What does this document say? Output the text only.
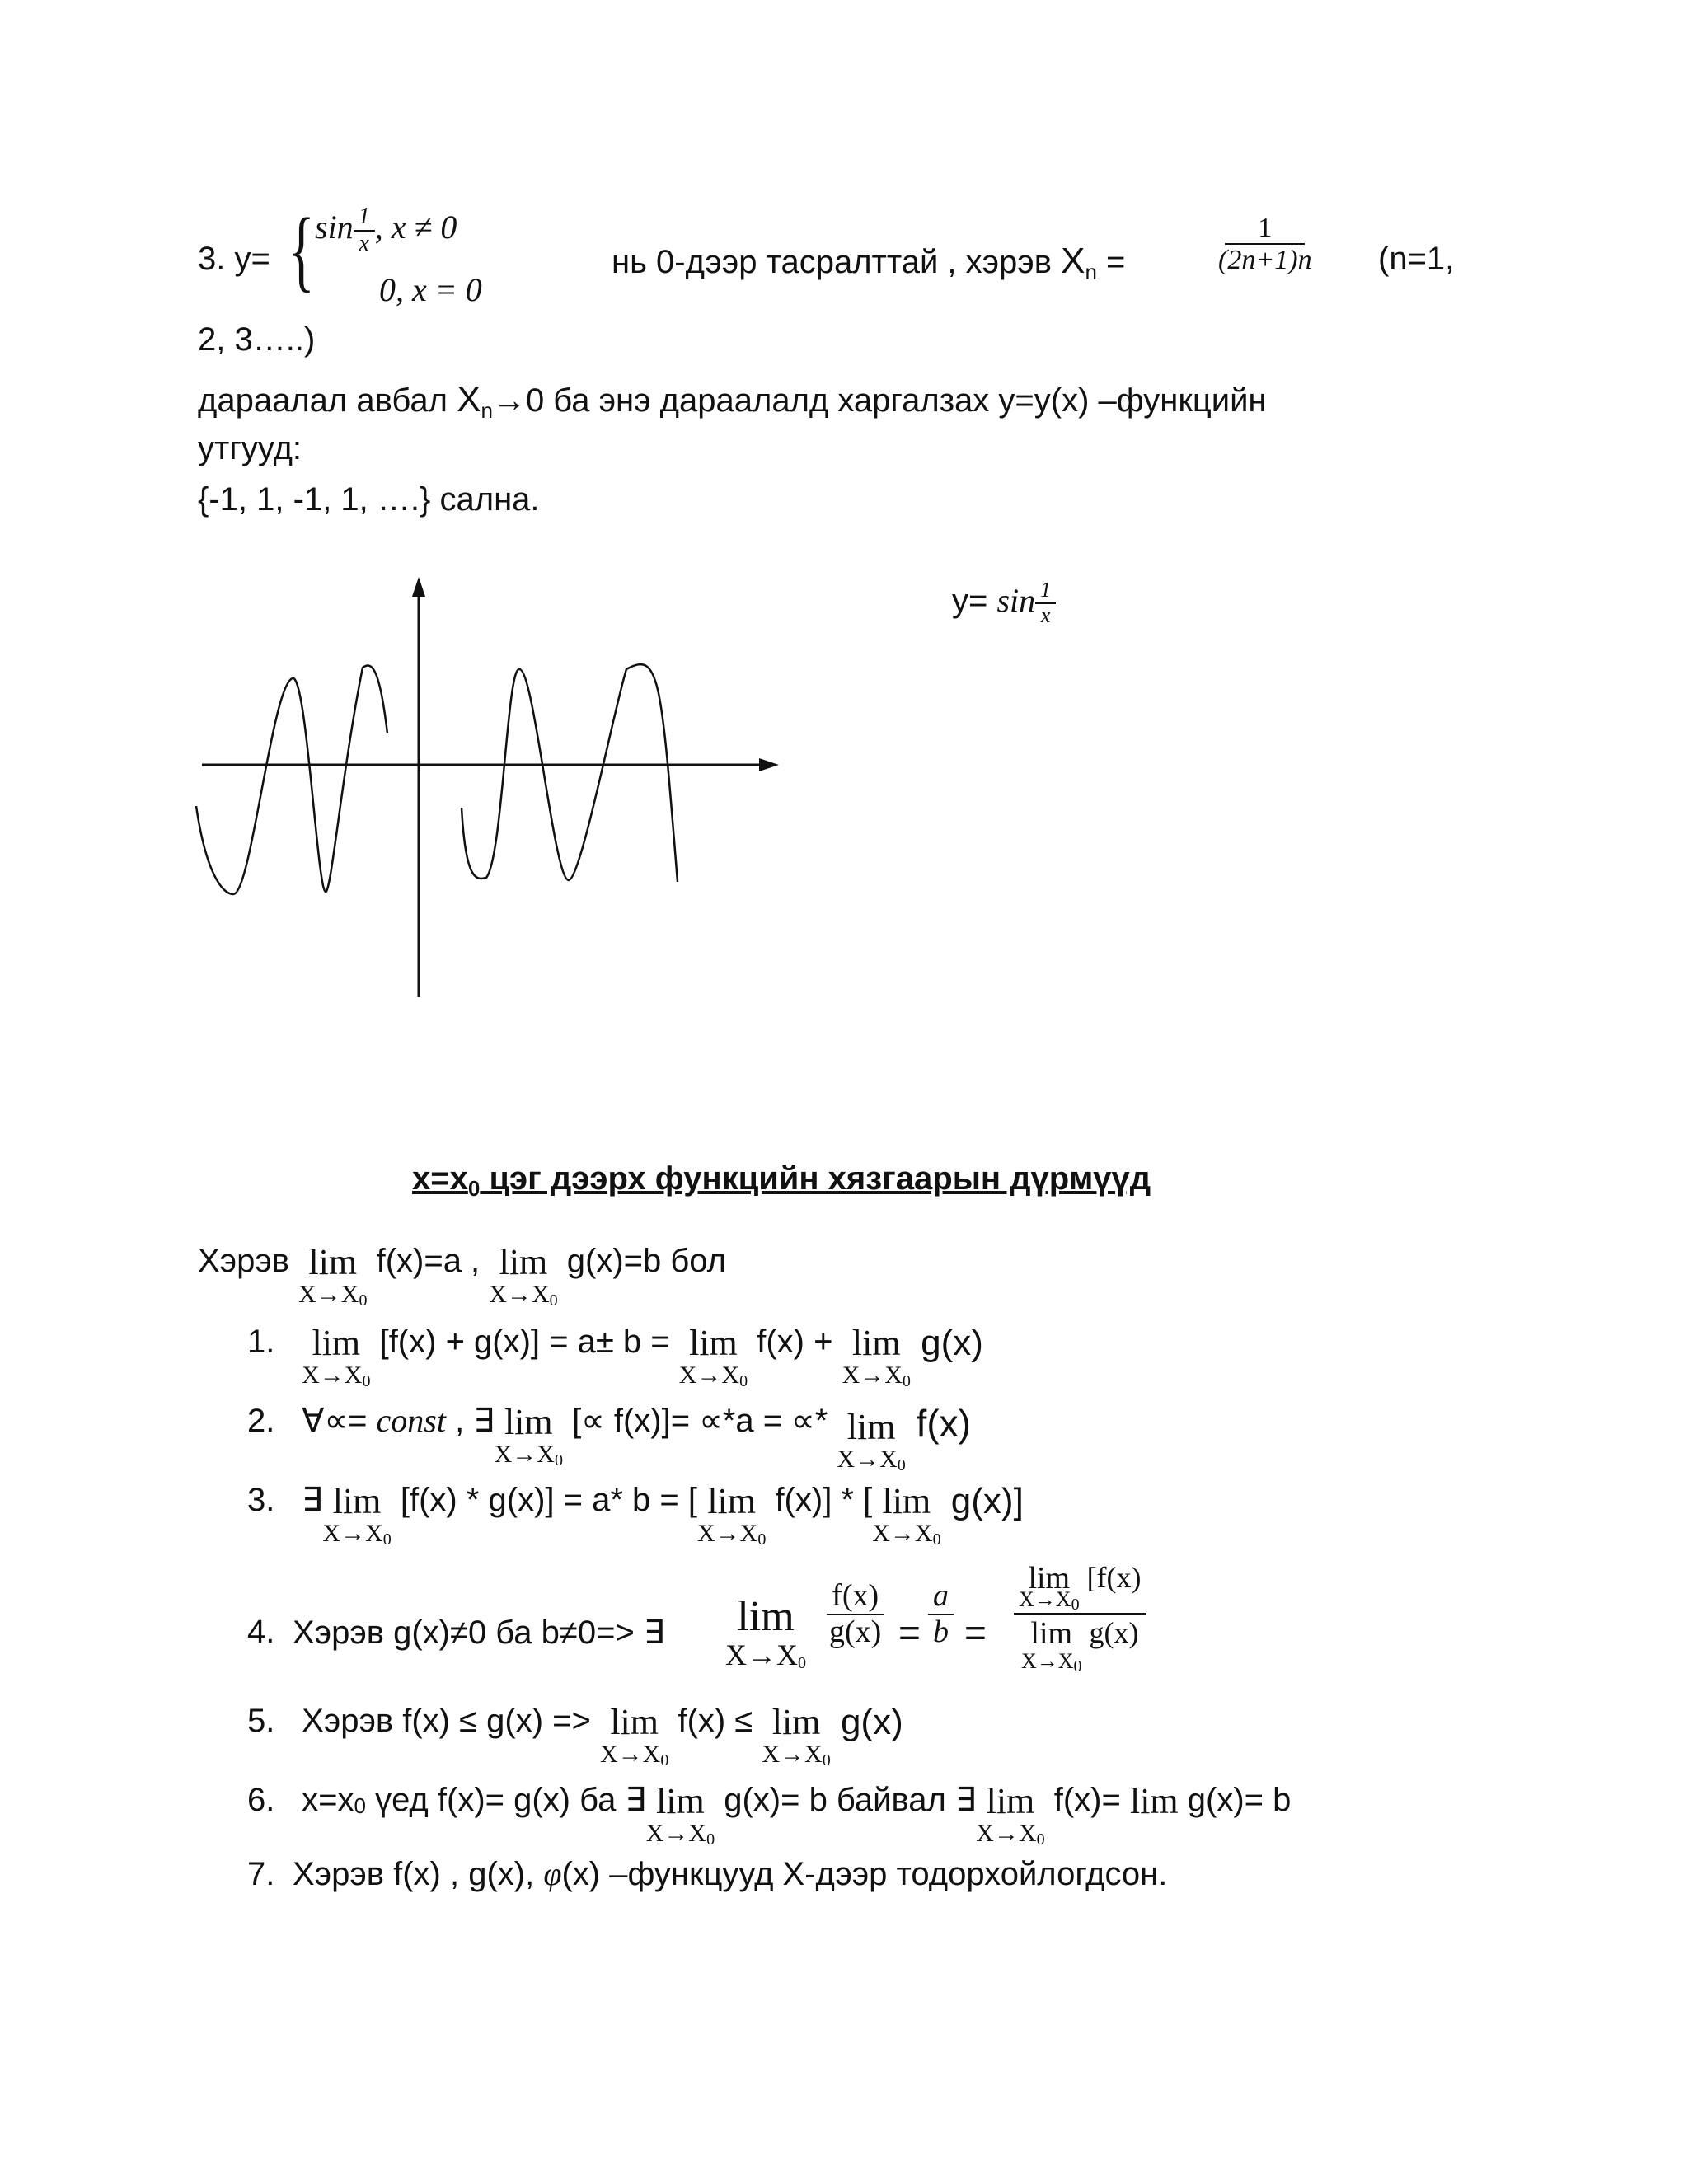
3. y= { $\sin \frac{1}{x}$ , x ≠ 0
0, x = 0
нь 0-дээр тасралттай , хэрэв $X_n$ =	$\frac{1}{(2n+1)n} (n=1$,
2, 3…..)
дараалал авбал $X_n\to 0$ ба энэ дараалалд харгалзах y=y(x) –функцийн
утгууд:
{-1, 1, -1, 1, ….} сална.
$y= \sin \frac{1}{x}$
$x=x_0$ цэг дээрх функцийн хязгаарын дүрмүүд
Хэрэв lim
X→X0
f(x)=a , lim
X→X0
g(x)=b бол
1. lim
X→X0
[f(x) + g(x)] = a± b = lim
X→X0
f(x) + lim
X→X0
g(x)
2. ∀∝= const , ∃ lim
X→X0
[∝ f(x)]= ∝*a = ∝* lim
X→X0
f(x)
3. ∃ lim
X→X0
[f(x) * g(x)] = a* b = [ lim
X→X0
f(x)] * [ lim
X→X0
g(x)]
4. Хэрэв g(x)≠0 ба b≠0=> ∃ lim
X→X0
$\frac{f(x)}{g(x)} = \frac{a}{b} = \lim$
X→X0
[f(x)
lim
X→X0
g(x)
5. Хэрэв f(x) ≤ g(x) => lim
X→X0
f(x) ≤ lim
X→X0
g(x)
6. $x=x^0$ үед f(x)= g(x) ба ∃ lim
X→X0
g(x)= b байвал ∃ lim
X→X0
f(x)= lim g(x)= b
7. Хэрэв f(x) , g(x), φ(x) –функцууд X-дээр тодорхойлогдсон.
